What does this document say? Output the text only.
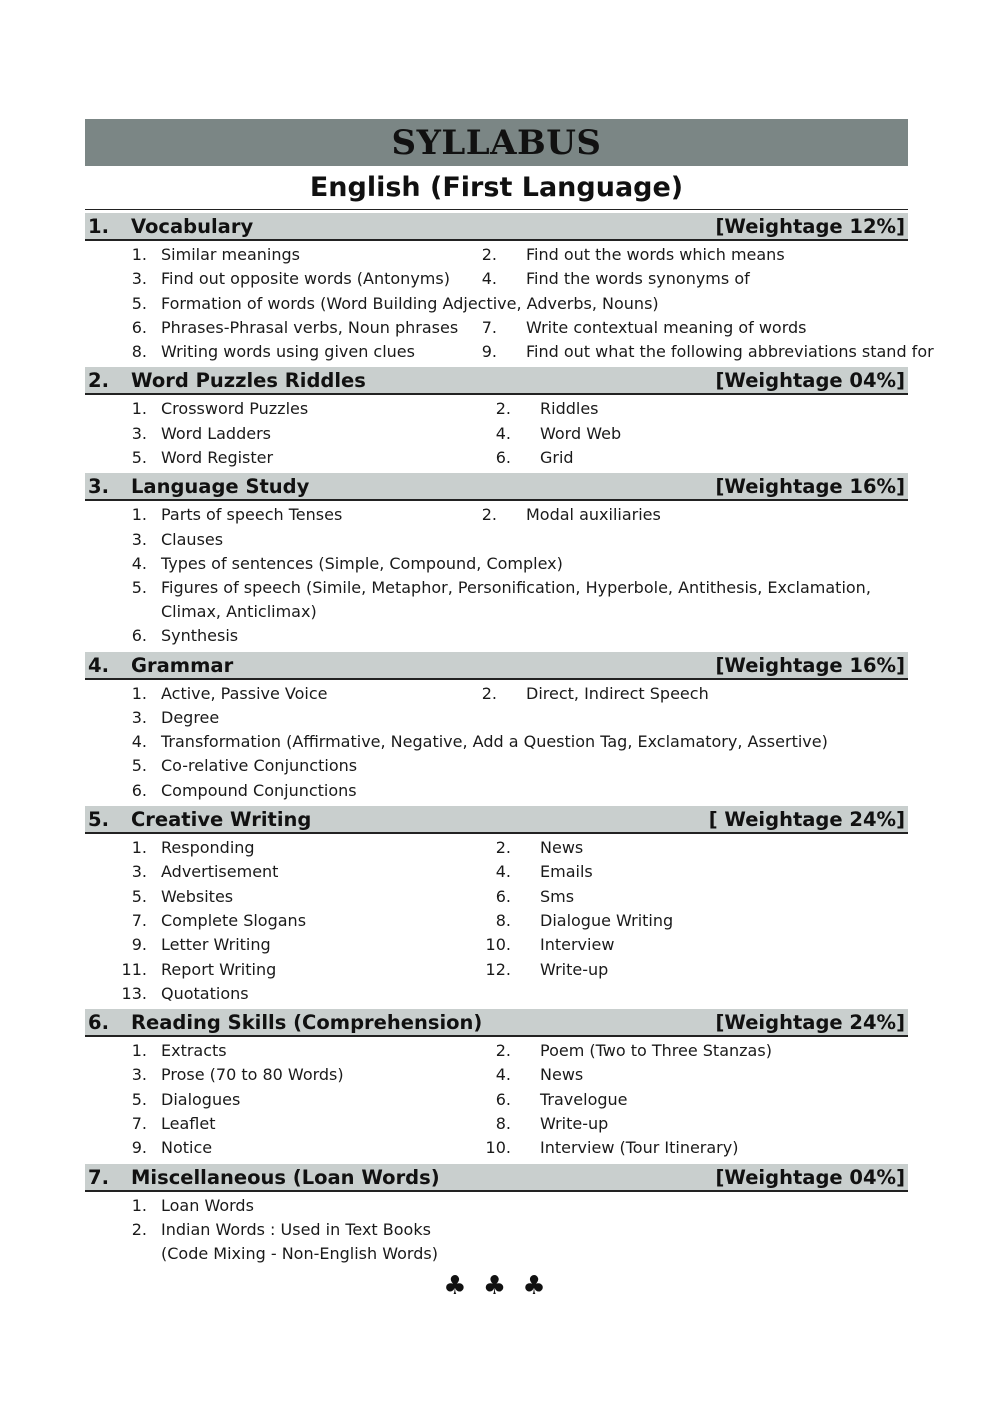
SYLLABUS
English (First Language)
1. Vocabulary	[Weightage 12%]
1. Similar meanings	2. Find out the words which means
3. Find out opposite words (Antonyms)	4. Find the words synonyms of
5. Formation of words (Word Building Adjective, Adverbs, Nouns)
6. Phrases-Phrasal verbs, Noun phrases	7. Write contextual meaning of words
8. Writing words using given clues	9. Find out what the following abbreviations stand for
2. Word Puzzles Riddles	[Weightage 04%]
1. Crossword Puzzles	2. Riddles
3. Word Ladders	4. Word Web
5. Word Register	6. Grid
3. Language Study	[Weightage 16%]
1. Parts of speech Tenses	2. Modal auxiliaries
3. Clauses
4. Types of sentences (Simple, Compound, Complex)
5. Figures of speech (Simile, Metaphor, Personification, Hyperbole, Antithesis, Exclamation, Climax, Anticlimax)
6. Synthesis
4. Grammar	[Weightage 16%]
1. Active, Passive Voice	2. Direct, Indirect Speech
3. Degree
4. Transformation (Affirmative, Negative, Add a Question Tag, Exclamatory, Assertive)
5. Co-relative Conjunctions
6. Compound Conjunctions
5. Creative Writing	[ Weightage 24%]
1. Responding	2. News
3. Advertisement	4. Emails
5. Websites	6. Sms
7. Complete Slogans	8. Dialogue Writing
9. Letter Writing	10. Interview
11. Report Writing	12. Write-up
13. Quotations
6. Reading Skills (Comprehension)	[Weightage 24%]
1. Extracts	2. Poem (Two to Three Stanzas)
3. Prose (70 to 80 Words)	4. News
5. Dialogues	6. Travelogue
7. Leaflet	8. Write-up
9. Notice	10. Interview (Tour Itinerary)
7. Miscellaneous (Loan Words)	[Weightage 04%]
1. Loan Words
2. Indian Words : Used in Text Books
(Code Mixing - Non-English Words)
♣ ♣ ♣
